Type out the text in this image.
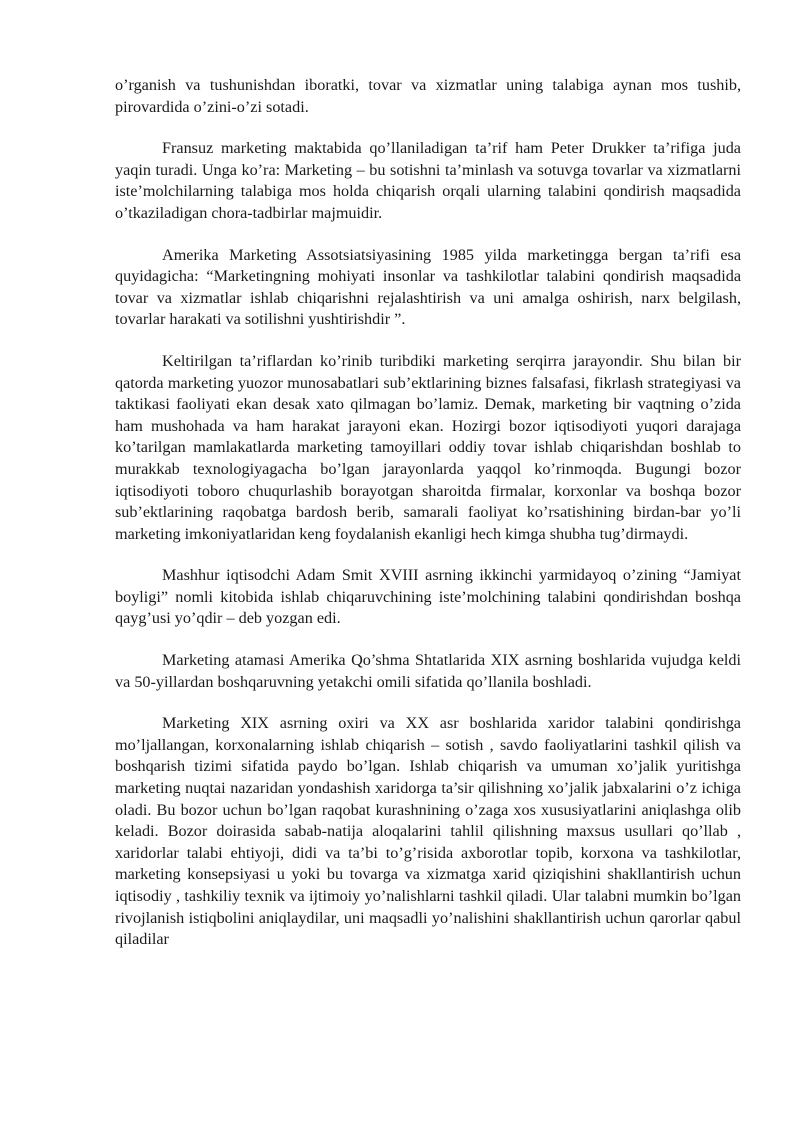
o’rganish va tushunishdan iboratki, tovar va xizmatlar uning talabiga aynan mos tushib, pirovardida o’zini-o’zi sotadi.

Fransuz marketing maktabida qo’llaniladigan ta’rif ham Peter Drukker ta’rifiga juda yaqin turadi. Unga ko’ra: Marketing – bu sotishni ta’minlash va sotuvga tovarlar va xizmatlarni iste’molchilarning talabiga mos holda chiqarish orqali ularning talabini qondirish maqsadida o’tkaziladigan chora-tadbirlar majmuidir.

Amerika Marketing Assotsiatsiyasining 1985 yilda marketingga bergan ta’rifi esa quyidagicha: “Marketingning mohiyati insonlar va tashkilotlar talabini qondirish maqsadida tovar va xizmatlar ishlab chiqarishni rejalashtirish va uni amalga oshirish, narx belgilash, tovarlar harakati va sotilishni yushtirishdir ”.

Keltirilgan ta’riflardan ko’rinib turibdiki marketing serqirra jarayondir. Shu bilan bir qatorda marketing yuozor munosabatlari sub’ektlarining biznes falsafasi, fikrlash strategiyasi va taktikasi faoliyati ekan desak xato qilmagan bo’lamiz. Demak, marketing bir vaqtning o’zida ham mushohada va ham harakat jarayoni ekan. Hozirgi bozor iqtisodiyoti yuqori darajaga ko’tarilgan mamlakatlarda marketing tamoyillari oddiy tovar ishlab chiqarishdan boshlab to murakkab texnologiyagacha bo’lgan jarayonlarda yaqqol ko’rinmoqda. Bugungi bozor iqtisodiyoti toboro chuqurlashib borayotgan sharoitda firmalar, korxonlar va boshqa bozor sub’ektlarining raqobatga bardosh berib, samarali faoliyat ko’rsatishining birdan-bar yo’li marketing imkoniyatlaridan keng foydalanish ekanligi hech kimga shubha tug’dirmaydi.

Mashhur iqtisodchi Adam Smit XVIII asrning ikkinchi yarmidayoq o’zining “Jamiyat boyligi” nomli kitobida ishlab chiqaruvchining iste’molchining talabini qondirishdan boshqa qayg’usi yo’qdir – deb yozgan edi.

Marketing atamasi Amerika Qo’shma Shtatlarida XIX asrning boshlarida vujudga keldi va 50-yillardan boshqaruvning yetakchi omili sifatida qo’llanila boshladi.

Marketing XIX asrning oxiri va XX asr boshlarida xaridor talabini qondirishga mo’ljallangan, korxonalarning ishlab chiqarish – sotish , savdo faoliyatlarini tashkil qilish va boshqarish tizimi sifatida paydo bo’lgan. Ishlab chiqarish va umuman xo’jalik yuritishga marketing nuqtai nazaridan yondashish xaridorga ta’sir qilishning xo’jalik jabxalarini o’z ichiga oladi. Bu bozor uchun bo’lgan raqobat kurashnining o’zaga xos xususiyatlarini aniqlashga olib keladi. Bozor doirasida sabab-natija aloqalarini tahlil qilishning maxsus usullari qo’llab , xaridorlar talabi ehtiyoji, didi va ta’bi to’g’risida axborotlar topib, korxona va tashkilotlar, marketing konsepsiyasi u yoki bu tovarga va xizmatga xarid qiziqishini shakllantirish uchun iqtisodiy , tashkiliy texnik va ijtimoiy yo’nalishlarni tashkil qiladi. Ular talabni mumkin bo’lgan rivojlanish istiqbolini aniqlaydilar, uni maqsadli yo’nalishini shakllantirish uchun qarorlar qabul qiladilar
